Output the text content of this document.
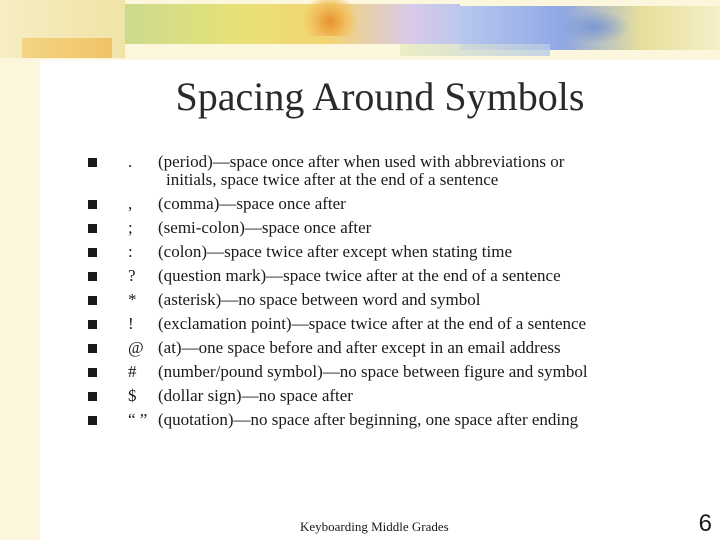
Spacing Around Symbols
.	(period)—space once after when used with abbreviations or
initials, space twice after at the end of a sentence
,	(comma)—space once after
;	(semi-colon)—space once after
:	(colon)—space twice after except when stating time
?	(question mark)—space twice after at the end of a sentence
*	(asterisk)—no space between word and symbol
!	(exclamation point)—space twice after at the end of a sentence
@ (at)—one space before and after except in an email address
#	(number/pound symbol)—no space between figure and symbol
$	(dollar sign)—no space after
“ ” (quotation)—no space after beginning, one space after ending
Keyboarding Middle Grades	6
